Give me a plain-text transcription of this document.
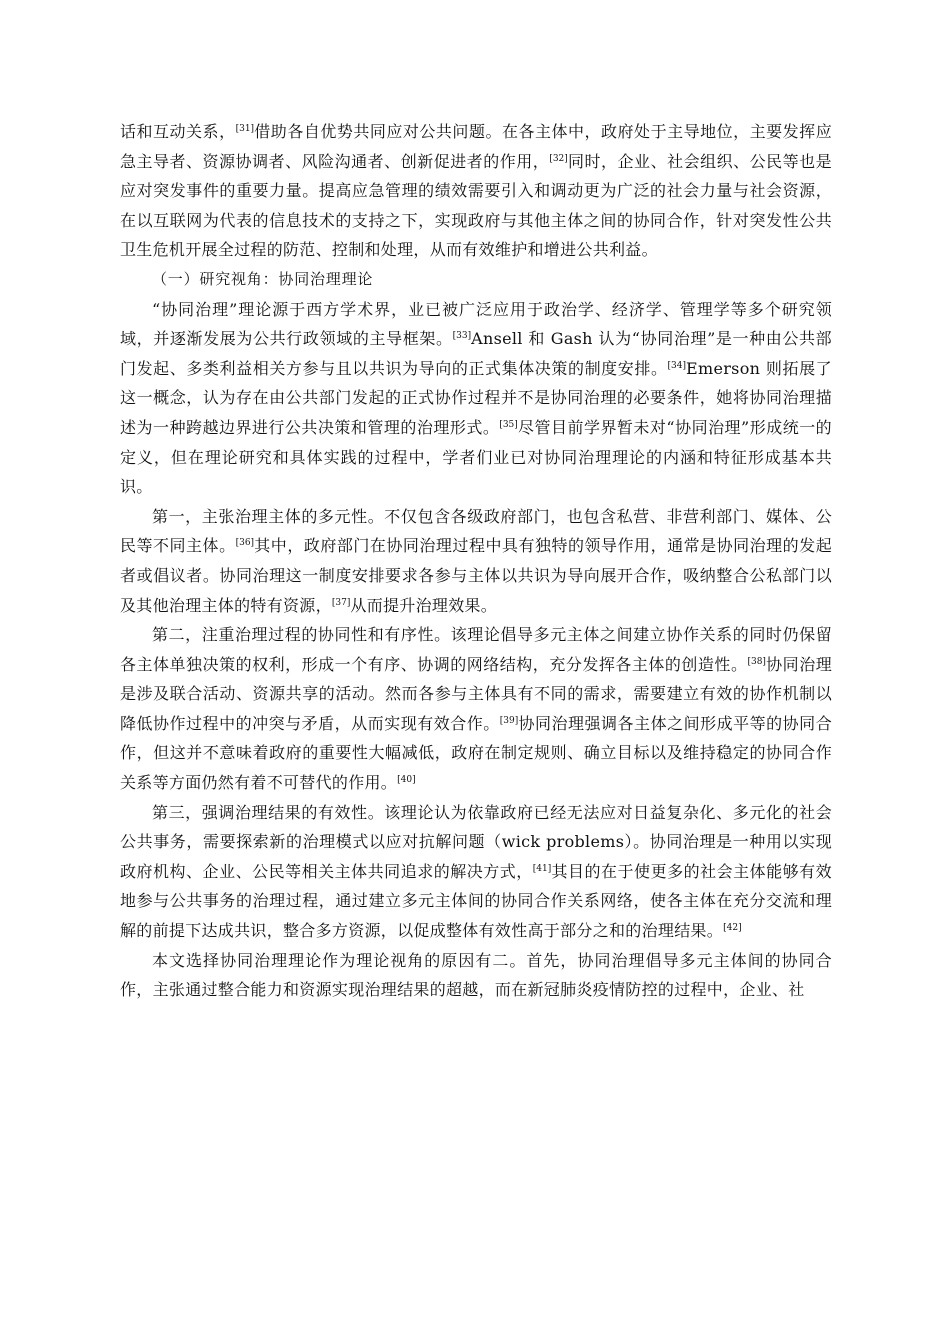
话和互动关系，[31]借助各自优势共同应对公共问题。在各主体中，政府处于主导地位，主要发挥应急主导者、资源协调者、风险沟通者、创新促进者的作用，[32]同时，企业、社会组织、公民等也是应对突发事件的重要力量。提高应急管理的绩效需要引入和调动更为广泛的社会力量与社会资源，在以互联网为代表的信息技术的支持之下，实现政府与其他主体之间的协同合作，针对突发性公共卫生危机开展全过程的防范、控制和处理，从而有效维护和增进公共利益。

（一）研究视角：协同治理理论

“协同治理”理论源于西方学术界，业已被广泛应用于政治学、经济学、管理学等多个研究领域，并逐渐发展为公共行政领域的主导框架。[33]Ansell 和 Gash 认为“协同治理”是一种由公共部门发起、多类利益相关方参与且以共识为导向的正式集体决策的制度安排。[34]Emerson 则拓展了这一概念，认为存在由公共部门发起的正式协作过程并不是协同治理的必要条件，她将协同治理描述为一种跨越边界进行公共决策和管理的治理形式。[35]尽管目前学界暂未对“协同治理”形成统一的定义，但在理论研究和具体实践的过程中，学者们业已对协同治理理论的内涵和特征形成基本共识。

第一，主张治理主体的多元性。不仅包含各级政府部门，也包含私营、非营利部门、媒体、公民等不同主体。[36]其中，政府部门在协同治理过程中具有独特的领导作用，通常是协同治理的发起者或倡议者。协同治理这一制度安排要求各参与主体以共识为导向展开合作，吸纳整合公私部门以及其他治理主体的特有资源，[37]从而提升治理效果。

第二，注重治理过程的协同性和有序性。该理论倡导多元主体之间建立协作关系的同时仍保留各主体单独决策的权利，形成一个有序、协调的网络结构，充分发挥各主体的创造性。[38]协同治理是涉及联合活动、资源共享的活动。然而各参与主体具有不同的需求，需要建立有效的协作机制以降低协作过程中的冲突与矛盾，从而实现有效合作。[39]协同治理强调各主体之间形成平等的协同合作，但这并不意味着政府的重要性大幅减低，政府在制定规则、确立目标以及维持稳定的协同合作关系等方面仍然有着不可替代的作用。[40]

第三，强调治理结果的有效性。该理论认为依靠政府已经无法应对日益复杂化、多元化的社会公共事务，需要探索新的治理模式以应对抗解问题（wick problems）。协同治理是一种用以实现政府机构、企业、公民等相关主体共同追求的解决方式，[41]其目的在于使更多的社会主体能够有效地参与公共事务的治理过程，通过建立多元主体间的协同合作关系网络，使各主体在充分交流和理解的前提下达成共识，整合多方资源，以促成整体有效性高于部分之和的治理结果。[42]

本文选择协同治理理论作为理论视角的原因有二。首先，协同治理倡导多元主体间的协同合作，主张通过整合能力和资源实现治理结果的超越，而在新冠肺炎疫情防控的过程中，企业、社
